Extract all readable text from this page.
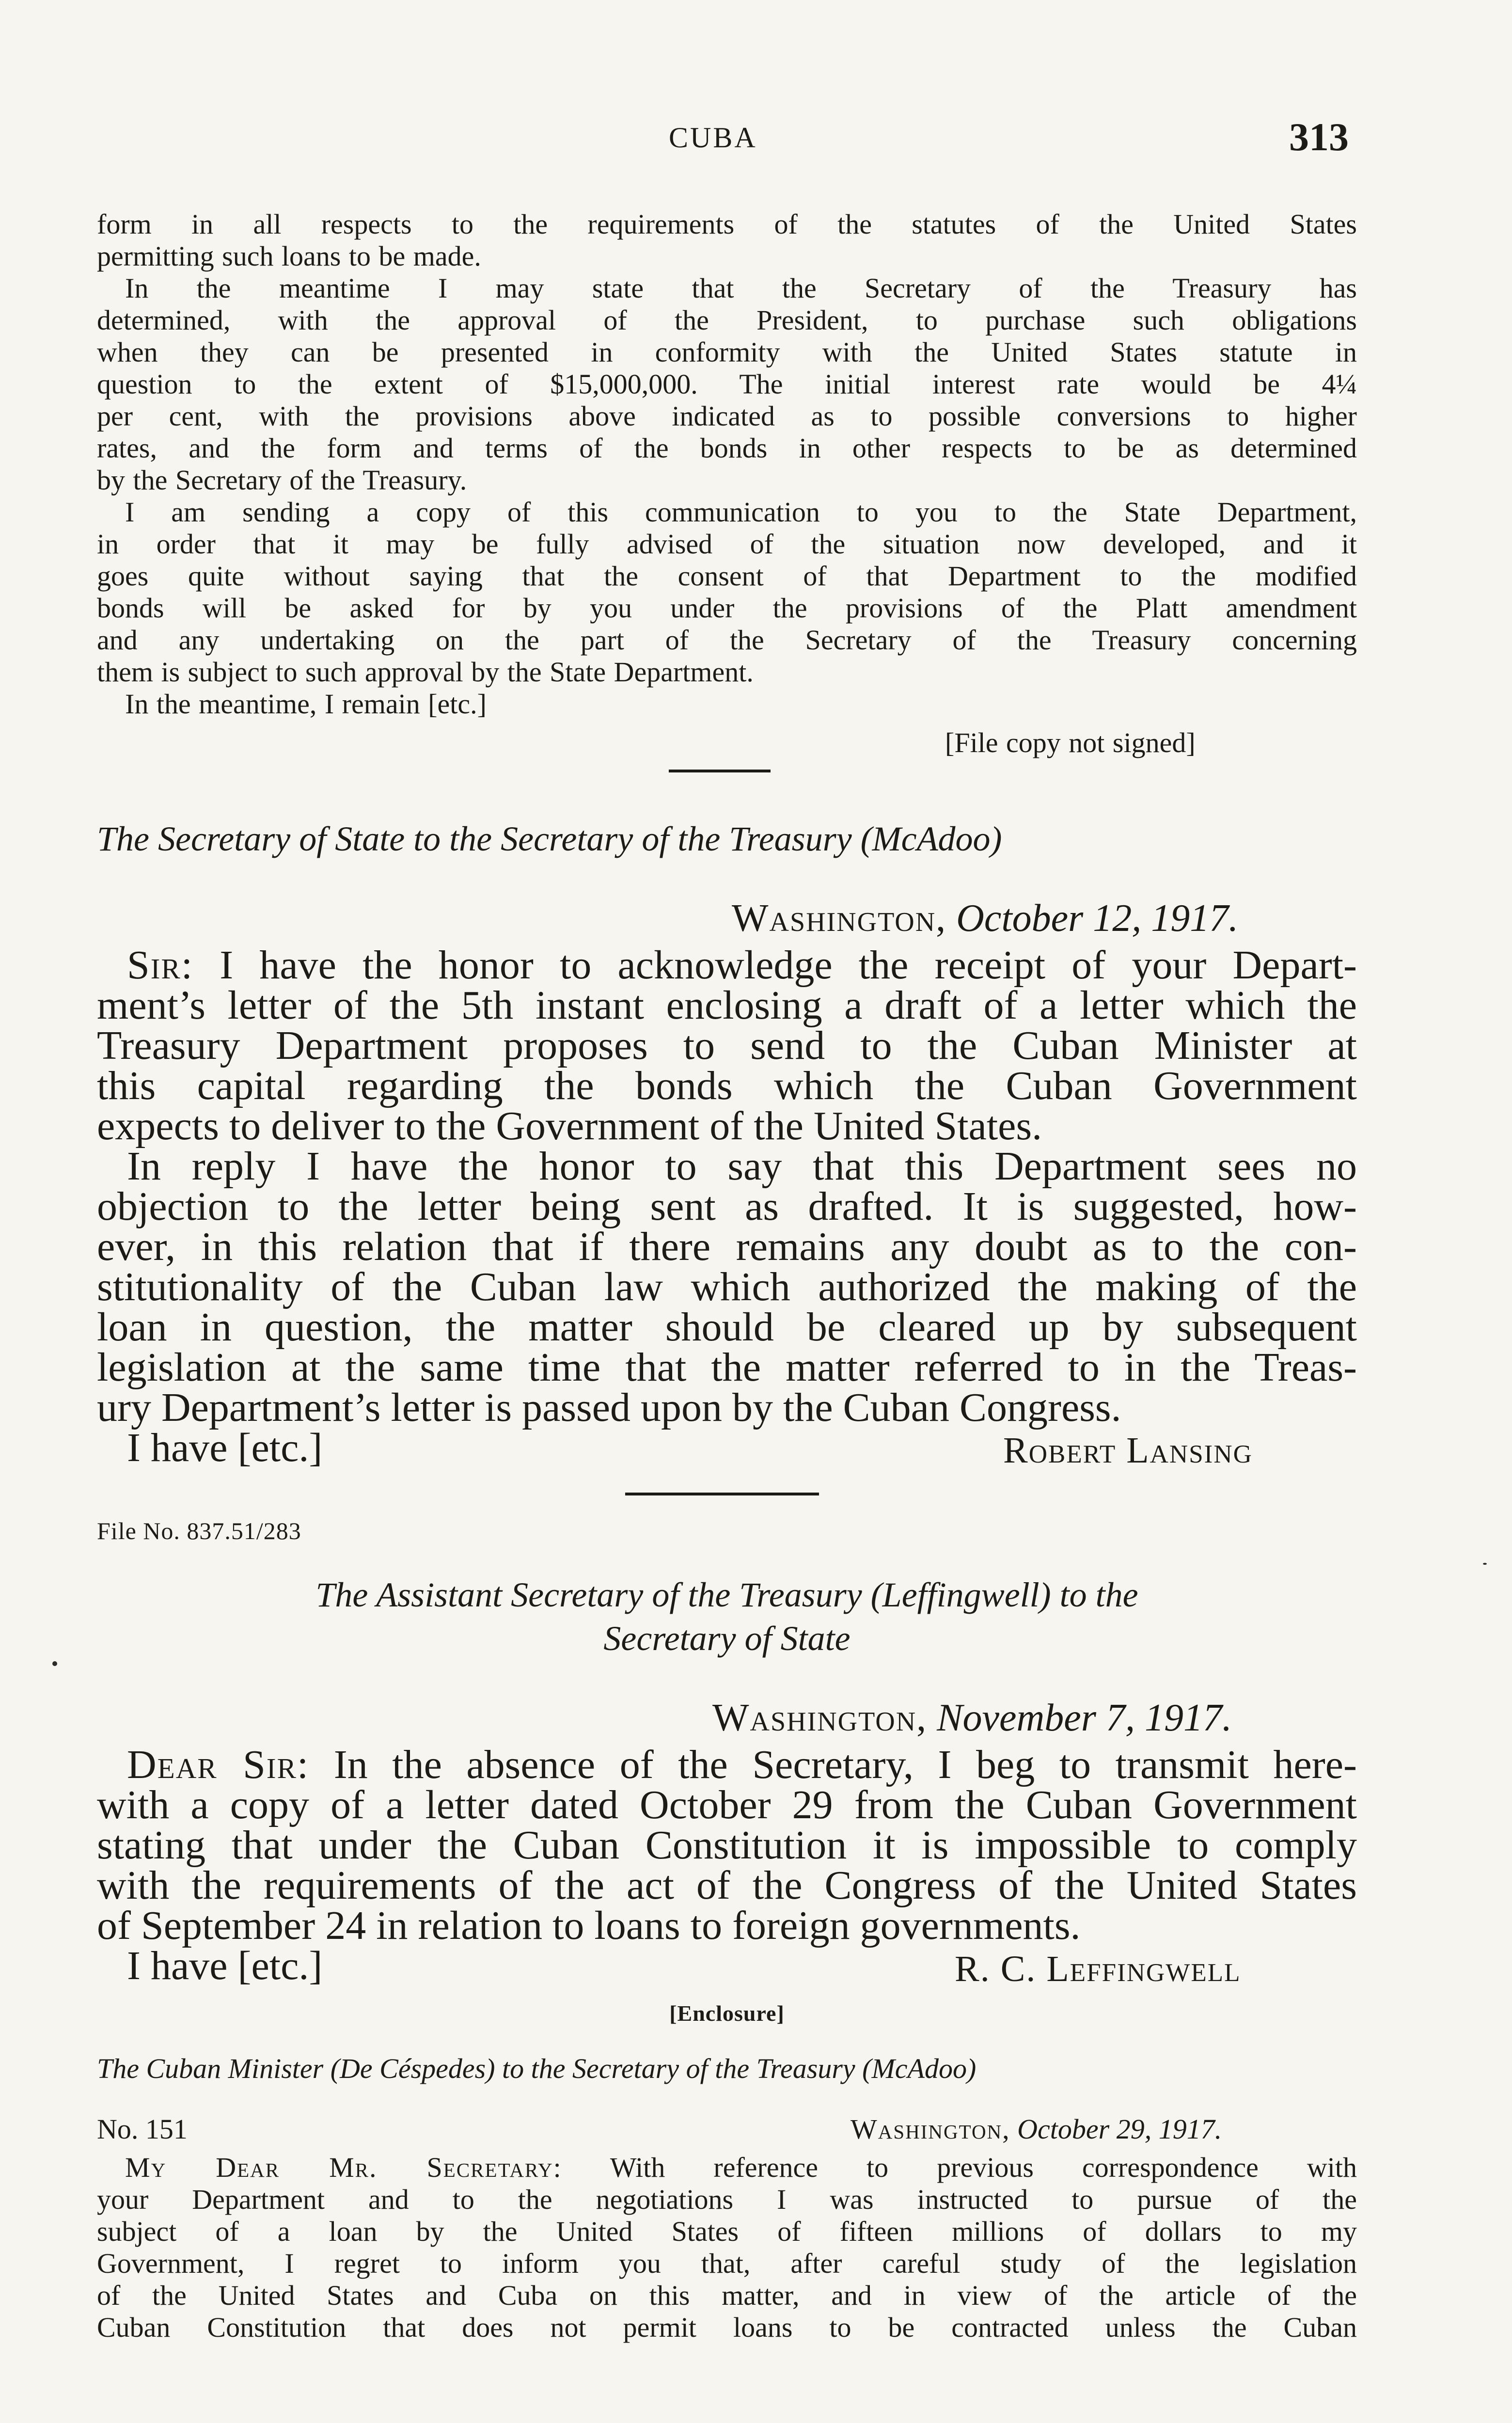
CUBA	313
form in all respects to the requirements of the statutes of the United States
permitting such loans to be made.
In the meantime I may state that the Secretary of the Treasury has
determined, with the approval of the President, to purchase such obligations
when they can be presented in conformity with the United States statute in
question to the extent of $15,000,000. The initial interest rate would be 4¼
per cent, with the provisions above indicated as to possible conversions to higher
rates, and the form and terms of the bonds in other respects to be as determined
by the Secretary of the Treasury.
I am sending a copy of this communication to you to the State Department,
in order that it may be fully advised of the situation now developed, and it
goes quite without saying that the consent of that Department to the modified
bonds will be asked for by you under the provisions of the Platt amendment
and any undertaking on the part of the Secretary of the Treasury concerning
them is subject to such approval by the State Department.
In the meantime, I remain [etc.]
[File copy not signed]
The Secretary of State to the Secretary of the Treasury (McAdoo)
Washington, October 12, 1917.
Sir: I have the honor to acknowledge the receipt of your Depart-
ment’s letter of the 5th instant enclosing a draft of a letter which the
Treasury Department proposes to send to the Cuban Minister at
this capital regarding the bonds which the Cuban Government
expects to deliver to the Government of the United States.
In reply I have the honor to say that this Department sees no
objection to the letter being sent as drafted. It is suggested, how-
ever, in this relation that if there remains any doubt as to the con-
stitutionality of the Cuban law which authorized the making of the
loan in question, the matter should be cleared up by subsequent
legislation at the same time that the matter referred to in the Treas-
ury Department’s letter is passed upon by the Cuban Congress.
I have [etc.]	Robert Lansing
File No. 837.51/283
The Assistant Secretary of the Treasury (Leffingwell) to the
Secretary of State
Washington, November 7, 1917.
Dear Sir: In the absence of the Secretary, I beg to transmit here-
with a copy of a letter dated October 29 from the Cuban Government
stating that under the Cuban Constitution it is impossible to comply
with the requirements of the act of the Congress of the United States
of September 24 in relation to loans to foreign governments.
I have [etc.]	R. C. Leffingwell
[Enclosure]
The Cuban Minister (De Céspedes) to the Secretary of the Treasury (McAdoo)
No. 151	Washington, October 29, 1917.
My Dear Mr. Secretary: With reference to previous correspondence with
your Department and to the negotiations I was instructed to pursue of the
subject of a loan by the United States of fifteen millions of dollars to my
Government, I regret to inform you that, after careful study of the legislation
of the United States and Cuba on this matter, and in view of the article of the
Cuban Constitution that does not permit loans to be contracted unless the Cuban
